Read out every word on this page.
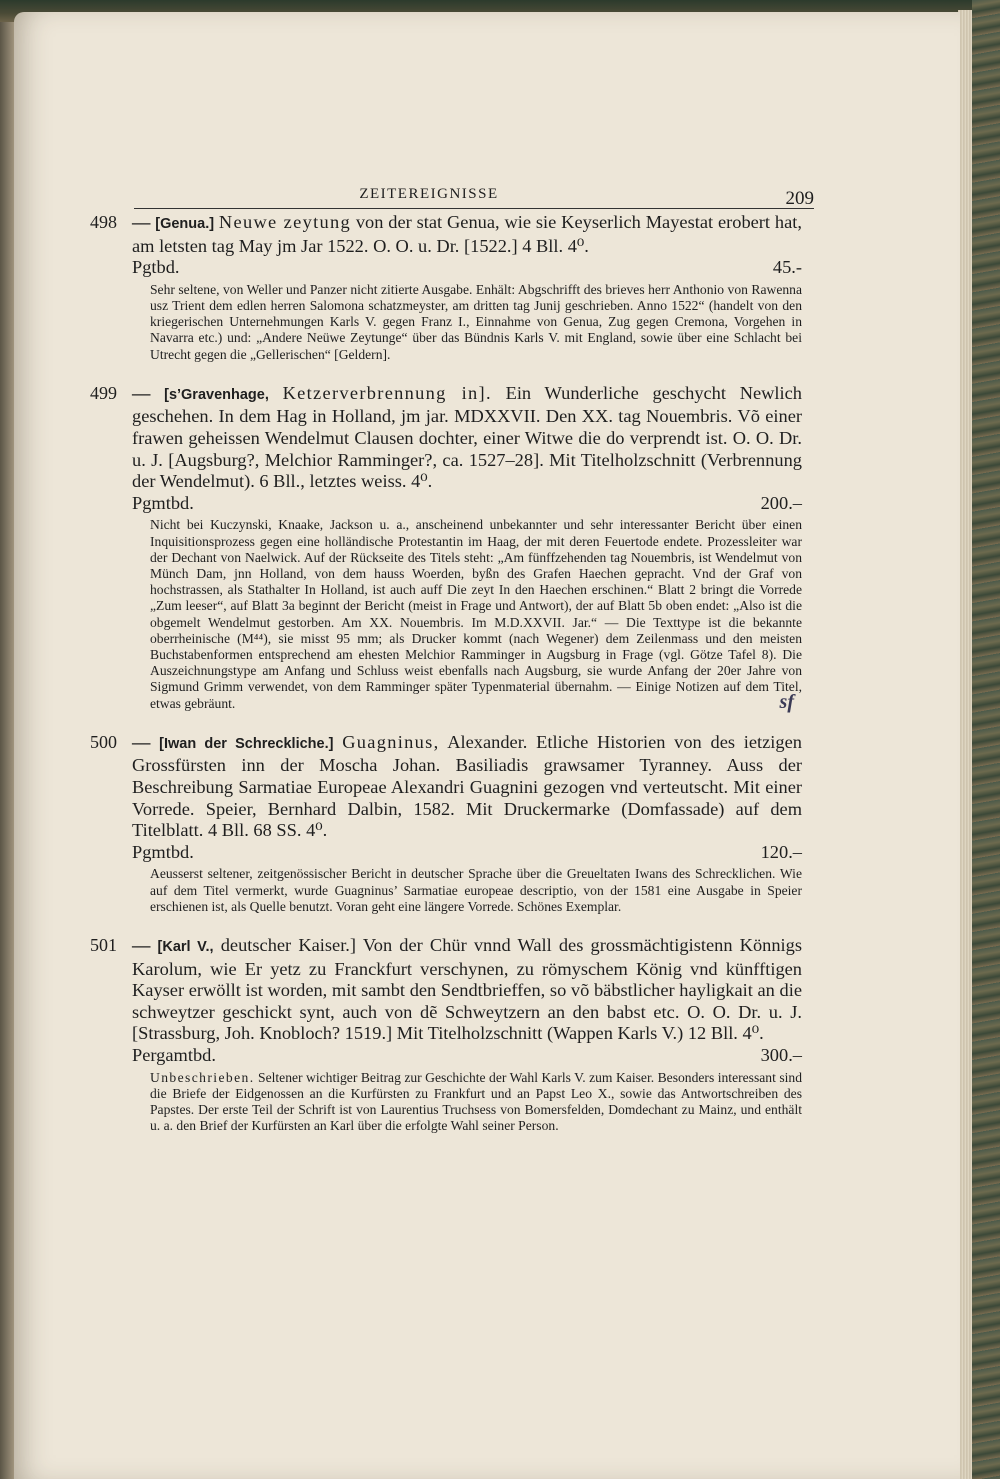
ZEITEREIGNISSE	209
498 — [Genua.] Neuwe zeytung von der stat Genua, wie sie Keyserlich Mayestat erobert hat, am letsten tag May jm Jar 1522. O. O. u. Dr. [1522.] 4 Bll. 4⁰.

Pgtbd.	45.-

Sehr seltene, von Weller und Panzer nicht zitierte Ausgabe. Enhält: Abgschrifft des brieves herr Anthonio von Rawenna usz Trient dem edlen herren Salomona schatzmeyster, am dritten tag Junij geschrieben. Anno 1522“ (handelt von den kriegerischen Unternehmungen Karls V. gegen Franz I., Einnahme von Genua, Zug gegen Cremona, Vorgehen in Navarra etc.) und: „Andere Neüwe Zeytunge“ über das Bündnis Karls V. mit England, sowie über eine Schlacht bei Utrecht gegen die „Gellerischen“ [Geldern].

499 — [s’Gravenhage, Ketzerverbrennung in]. Ein Wunderliche geschycht Newlich geschehen. In dem Hag in Holland, jm jar. MDXXVII. Den XX. tag Nouembris. Võ einer frawen geheissen Wendelmut Clausen dochter, einer Witwe die do verprendt ist. O. O. Dr. u. J. [Augsburg?, Melchior Ramminger?, ca. 1527–28]. Mit Titelholzschnitt (Verbrennung der Wendelmut). 6 Bll., letztes weiss. 4⁰.

Pgmtbd.	200.–

Nicht bei Kuczynski, Knaake, Jackson u. a., anscheinend unbekannter und sehr interessanter Bericht über einen Inquisitionsprozess gegen eine holländische Protestantin im Haag, der mit deren Feuertode endete. Prozessleiter war der Dechant von Naelwick. Auf der Rückseite des Titels steht: „Am fünffzehenden tag Nouembris, ist Wendelmut von Münch Dam, jnn Holland, von dem hauss Woerden, byßn des Grafen Haechen gepracht. Vnd der Graf von hochstrassen, als Stathalter In Holland, ist auch auff Die zeyt In den Haechen erschinen.“ Blatt 2 bringt die Vorrede „Zum leeser“, auf Blatt 3a beginnt der Bericht (meist in Frage und Antwort), der auf Blatt 5b oben endet: „Also ist die obgemelt Wendelmut gestorben. Am XX. Nouembris. Im M.D.XXVII. Jar.“ — Die Texttype ist die bekannte oberrheinische (M⁴⁴), sie misst 95 mm; als Drucker kommt (nach Wegener) dem Zeilenmass und den meisten Buchstabenformen entsprechend am ehesten Melchior Ramminger in Augsburg in Frage (vgl. Götze Tafel 8). Die Auszeichnungstype am Anfang und Schluss weist ebenfalls nach Augsburg, sie wurde Anfang der 20er Jahre von Sigmund Grimm verwendet, von dem Ramminger später Typenmaterial übernahm. — Einige Notizen auf dem Titel, etwas gebräunt.	sf
500 — [Iwan der Schreckliche.] Guagninus, Alexander. Etliche Historien von des ietzigen Grossfürsten inn der Moscha Johan. Basiliadis grawsamer Tyranney. Auss der Beschreibung Sarmatiae Europeae Alexandri Guagnini gezogen vnd verteutscht. Mit einer Vorrede. Speier, Bernhard Dalbin, 1582. Mit Druckermarke (Domfassade) auf dem Titelblatt. 4 Bll. 68 SS. 4⁰.

Pgmtbd.	120.–

Aeusserst seltener, zeitgenössischer Bericht in deutscher Sprache über die Greueltaten Iwans des Schrecklichen. Wie auf dem Titel vermerkt, wurde Guagninus’ Sarmatiae europeae descriptio, von der 1581 eine Ausgabe in Speier erschienen ist, als Quelle benutzt. Voran geht eine längere Vorrede. Schönes Exemplar.

501 — [Karl V., deutscher Kaiser.] Von der Chür vnnd Wall des grossmächtigistenn Könnigs Karolum, wie Er yetz zu Franckfurt verschynen, zu römyschem König vnd künfftigen Kayser erwöllt ist worden, mit sambt den Sendtbrieffen, so võ bäbstlicher hayligkait an die schweytzer geschickt synt, auch von dẽ Schweytzern an den babst etc. O. O. Dr. u. J. [Strassburg, Joh. Knobloch? 1519.] Mit Titelholzschnitt (Wappen Karls V.) 12 Bll. 4⁰.

Pergamtbd.	300.–

Unbeschrieben. Seltener wichtiger Beitrag zur Geschichte der Wahl Karls V. zum Kaiser. Besonders interessant sind die Briefe der Eidgenossen an die Kurfürsten zu Frankfurt und an Papst Leo X., sowie das Antwortschreiben des Papstes. Der erste Teil der Schrift ist von Laurentius Truchsess von Bomersfelden, Domdechant zu Mainz, und enthält u. a. den Brief der Kurfürsten an Karl über die erfolgte Wahl seiner Person.
